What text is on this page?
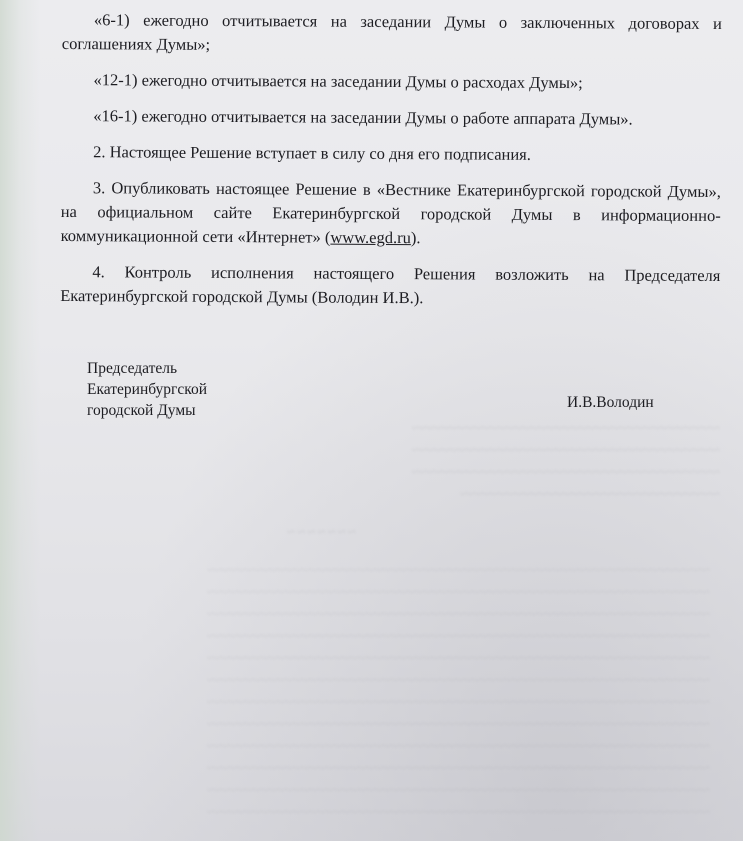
~~~~~~~~~~~~~~~~~~~~~~~~~~~~~~~~~~~~~~
~~~~~~~~~~~~~~~~~~~~~~~~~~~~~~~~~~~~~~
~~~~~~~~~~~~~~~~~~~~~~~~~~~~~~~~~~~~~~
~~~~~~~~~~~~~~~~~~~~~~~~~~~~~~~~
~~~~~~~
~~~~~~~~~~~~~~~~~~~~~~~~~~~~~~~~~~~~~~~~~~~~~~~~~~~~~~~~~~~~~~
~~~~~~~~~~~~~~~~~~~~~~~~~~~~~~~~~~~~~~~~~~~~~~~~~~~~~~~~~~~~~~
~~~~~~~~~~~~~~~~~~~~~~~~~~~~~~~~~~~~~~~~~~~~~~~~~~~~~~~~~~~~~~
~~~~~~~~~~~~~~~~~~~~~~~~~~~~~~~~~~~~~~~~~~~~~~~~~~~~~~~~~~~~~~
~~~~~~~~~~~~~~~~~~~~~~~~~~~~~~~~~~~~~~~~~~~~~~~~~~~~~~~~~~~~~~
~~~~~~~~~~~~~~~~~~~~~~~~~~~~~~~~~~~~~~~~~~~~~~~~~~~~~~~~~~~~~~
~~~~~~~~~~~~~~~~~~~~~~~~~~~~~~~~~~~~~~~~~~~~~~~~~~~~~~~~~~~~~~
~~~~~~~~~~~~~~~~~~~~~~~~~~~~~~~~~~~~~~~~~~~~~~~~~~~~~~~~~~~~~~
~~~~~~~~~~~~~~~~~~~~~~~~~~~~~~~~~~~~~~~~~~~~~~~~~~~~~~~~~~~~~~
~~~~~~~~~~~~~~~~~~~~~~~~~~~~~~~~~~~~~~~~~~~~~~~~~~~~~~~~~~~~~~
~~~~~~~~~~~~~~~~~~~~~~~~~~~~~~~~~~~~~~~~~~~~~~~~~~~~~~~~~~~~~~
~~~~~~~~~~~~~~~~~~~~~~~~~~~~~~~~~~~~~~~~~~~~~~~~~~~~~~~~~~~~~~

«6-1) ежегодно отчитывается на заседании Думы о заключенных договорах и соглашениях Думы»;

«12-1) ежегодно отчитывается на заседании Думы о расходах Думы»;

«16-1) ежегодно отчитывается на заседании Думы о работе аппарата Думы».

2. Настоящее Решение вступает в силу со дня его подписания.

3. Опубликовать настоящее Решение в «Вестнике Екатеринбургской городской Думы», на официальном сайте Екатеринбургской городской Думы в информационно-коммуникационной сети «Интернет» (www.egd.ru).

4. Контроль исполнения настоящего Решения возложить на Председателя Екатеринбургской городской Думы (Володин И.В.).

Председатель
Екатеринбургской
городской Думы	И.В.Володин
